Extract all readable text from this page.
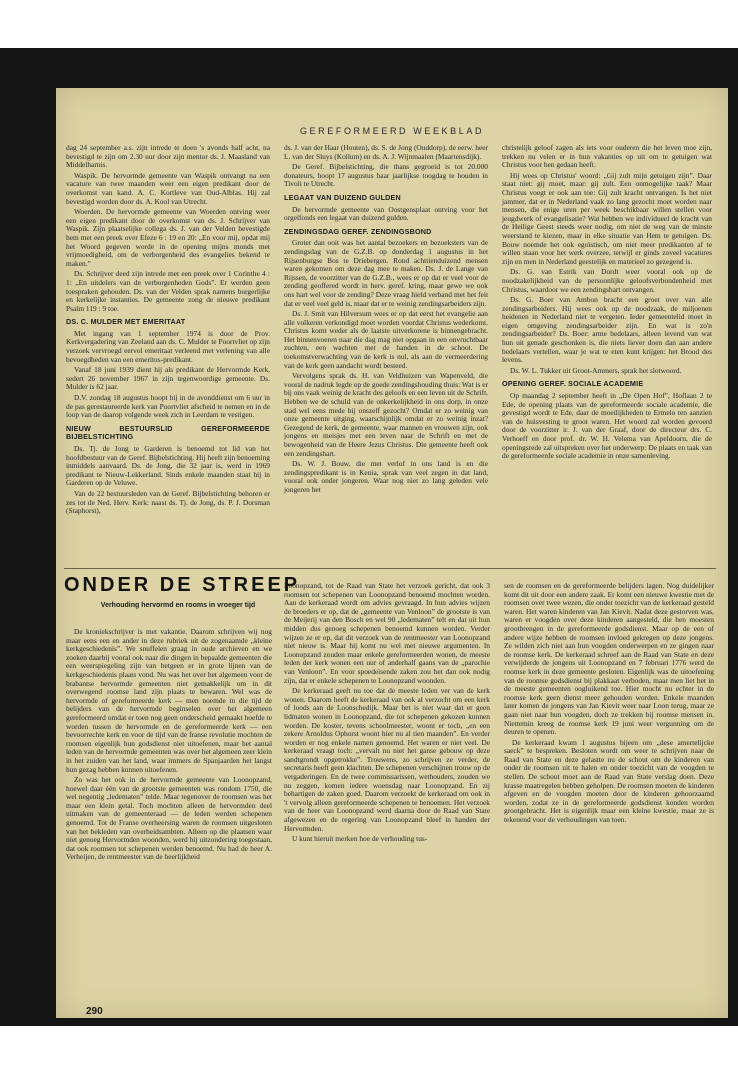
GEREFORMEERD WEEKBLAD

dag 24 september a.s. zijn intrede te doen 's avonds half acht, na bevestigd te zijn om 2.30 uur door zijn mentor ds. J. Maasland van Middelharnis.

Waspik. De hervormde gemeente van Waspik ontvangt na een vacature van twee maanden weer een eigen predikant door de overkomst van kand. A. C. Kortleve van Oud-Alblas. Hij zal bevestigd worden door ds. A. Kool van Utrecht.

Woerden. De hervormde gemeente van Woerden ontving weer een eigen predikant door de overkomst van ds. J. Schrijver van Waspik. Zijn plaatselijke collega ds. J. van der Velden bevestigde hem met een preek over Efeze 6 : 19 en 20: „En voor mij, opdat mij het Woord gegeven worde in de opening mijns monds met vrijmoedigheid, om de verborgenheid des evangelies bekend te maken.”

Ds. Schrijver deed zijn intrede met een preek over 1 Corinthe 4 : 1: „En uitdelers van de verborgenheden Gods”. Er werden geen toespraken gehouden. Ds. van der Velden sprak namens burgerlijke en kerkelijke instanties. De gemeente zong de nieuwe predikant Psalm 119 : 9 toe.

DS. C. MULDER MET EMERITAAT

Met ingang van 1 september 1974 is door de Prov. Kerkvergadering van Zeeland aan ds. C. Mulder te Poortvliet op zijn verzoek vervroegd eervol emeritaat verleend met verlening van alle bevoegdheden van een emeritus-predikant.

Vanaf 18 juni 1939 dient hij als predikant de Hervormde Kerk, sedert 26 november 1967 in zijn tegenwoordige gemeente. Ds. Mulder is 62 jaar.

D.V. zondag 18 augustus hoopt hij in de avonddienst om 6 uur in de pas gerestaureerde kerk van Poortvliet afscheid te nemen en in de loop van de daarop volgende week zich in Leerdam te vestigen.

NIEUW BESTUURSLID GEREFORMEERDE BIJBELSTICHTING

Ds. Tj. de Jong te Garderen is benoemd tot lid van het hoofdbestuur van de Geref. Bijbelstichting. Hij heeft zijn benoeming inmiddels aanvaard. Ds. de Jong, die 32 jaar is, werd in 1969 predikant te Nieuw-Lekkerland. Sinds enkele maanden staat hij in Garderen op de Veluwe.

Van de 22 bestuursleden van de Geref. Bijbelstichting behoren er zes tot de Ned. Herv. Kerk: naast ds. Tj. de Jong, ds. P. J. Dorsman (Staphorst),

ds. J. van der Haar (Houten), ds. S. de Jong (Ouddorp), de eerw. heer L. van der Sluys (Kollum) en ds. A. J. Wijnmaalen (Maartensdijk).

De Geref. Bijbelstichting, die thans gegroeid is tot 20.000 donateurs, hoopt 17 augustus haar jaarlijkse toogdag te houden in Tivoli te Utrecht.

LEGAAT VAN DUIZEND GULDEN

De hervormde gemeente van Oostgensplaat ontving voor het orgelfonds een legaat van duizend gulden.

ZENDINGSDAG GEREF. ZENDINGSBOND

Groter dan ooit was het aantal bezoekers en bezoeksters van de zendingsdag van de G.Z.B. op donderdag 1 augustus in het Rijsenburgse Bos te Driebergen. Rond achttienduizend mensen waren gekomen om deze dag mee te maken. Ds. J. de Lange van Rijssen, de voorzitter van de G.Z.B., wees er op dat er veel voor de zending geoffered wordt in herv. geref. kring, maar gewe we ook ons hart wel voor de zending? Deze vraag hield verband met het feit dat er veel veel geld is, maar dat er te weinig zendingsarbeiders zijn.

Ds. J. Smit van Hilversum wees er op dat eerst het evangelie aan alle volkeren verkondigd moet worden voordat Christus wederkomt. Christus komt weder als de laatste uitverkorene is binnengebracht. Het binnenvoeren naar die dag mag niet opgaan in een onvruchtbaar zuchten, een wachten met de handen in de schoot. De toekomstverwachting van de kerk is nul, als aan de vermeerdering van de kerk geen aandacht wordt besteed.

Vervolgens sprak ds. H. van Veldhuizen van Wapenveld, die vooral de nadruk legde op de goede zendingshouding thuis: Wat is er bij ons vaak weinig de kracht des geloofs en een leven uit de Schrift. Hebben we de schuld van de onkerkelijkheid in ons dorp, in onze stad wel eens mede bij onszelf gezocht? Omdat er zo weinig van onze gemeente uitging, waarschijnlijk omdat er zo weinig inzat? Gezegend de kerk, de gemeente, waar mannen en vrouwen zijn, ook jongens en meisjes met een leven naar de Schrift en met de bewogenheid van de Heere Jezus Christus. Die gemeente heeft ook een zendingshart.

Ds. W. J. Bouw, die met verlof in ons land is en die zendingspredikant is in Kenia, sprak van veel zegen in dat land, vooral ook onder jongeren. Waar nog niet zo lang geleden vele jongeren het

christelijk geloof zagen als iets voor ouderen die het leven moe zijn, trekken nu velen er in hun vakanties op uit om te getuigen wat Christus voor hen gedaan heeft.

Hij wees op Christus' woord: „Gij zult mijn getuigen zijn”. Daar staat niet: gij moet, maar: gij zult. Een onmogelijke taak? Maar Christus voegt er ook aan toe: Gij zult kracht ontvangen. Is het niet jammer, dat er in Nederland vaak zo lang gezocht moet worden naar mensen, die enige uren per week beschikbaar willen stellen voor jeugdwerk of evangelisatie? Wat hebben we individueel de kracht van de Heilige Geest steeds weer nodig, om niet de weg van de minste weerstand te kiezen, maar in elke situatie van Hem te getuigen. Ds. Bouw noemde het ook egoïstisch, om niet meer predikanten af te willen staan voor het werk overzee, terwijl er ginds zoveel vacatures zijn en men in Nederland geestelijk en materieel zo gezegend is.

Ds. G. van Estrik van Dordt weer vooral ook op de noodzakelijkheid van de persoonlijke geloofsverbondenheid met Christus, waardoor we een zendingshart ontvangen.

Ds. G. Boer van Ambon bracht een groet over van alle zendingsarbeiders. Hij wees ook op de noodzaak, de miljoenen heidenen in Nederland niet te vergeten. Ieder gemeentelid moet in eigen omgeving zendingsarbeider zijn. En wat is zo'n zendingsarbeider? Ds. Boer: arme bedelaars, alleen levend van wat hun uit genade geschonken is, die niets liever doen dan aan andere bedelaars vertellen, waar je wat te eten kunt krijgen: het Brood des levens.

Ds. W. L. Tukker uit Groot-Ammers, sprak het slotwoord.

OPENING GEREF. SOCIALE ACADEMIE

Op maandag 2 september heeft in „De Open Hof”, Hoflaan 2 te Ede, de opening plaats van de gereformeerde sociale academie, die gevestigd wordt te Ede, daar de moeilijkheden te Ermelo ten aanzien van de huisvesting te groot waren. Het woord zal worden gevoerd door de voorzitter ir. J. van der Graaf, door de directeur drs. C. Verhoeff en door prof. dr. W. H. Velema van Apeldoorn, die de openingsrede zal uitspreken over het onderwerp: De plaats en taak van de gereformeerde sociale academie in onze samenleving.

ONDER DE STREEP
Verhouding hervormd en rooms in vroeger tijd

De kroniekschrijver is met vakantie. Daarom schrijven wij nog maar eens een en ander in deze rubriek uit de zogenaamde „kleine kerkgeschiedenis”. We snuffelen graag in oude archieven en we zoeken daarbij vooral ook naar die dingen in bepaalde gemeenten die een weerspiegeling zijn van hetgeen er in grote lijnen van de kerkgeschiedenis plaats vond. Nu was het over het algemeen voor de brabantse hervormde gemeenten niet gemakkelijk om in dit overwegend roomse land zijn plaats te bewaren. Wel was de hervormde of gereformeerde kerk — men noemde in die tijd de belijders van de hervormde beginselen over het algemeen gereformeerd omdat er toen nog geen onderscheid gemaakt hoefde te worden tussen de hervormde en de gereformeerde kerk — een bevoorrechte kerk en voor de tijd van de franse revolutie mochten de roomsen eigenlijk hun godsdienst niet uitoefenen, maar het aantal leden van de hervormde gemeenten was over het algemeen zeer klein in het zuiden van het land, waar immers de Spanjaarden het langst hun gezag hebben kunnen uitoefenen.

Zo was het ook in de hervormde gemeente van Loonopzand, hoewel daar één van de grootste gemeenten was rondom 1750, die wel negentig „ledematen” telde. Maar tegenover de roomsen was het maar een klein getal. Toch mochten alleen de hervormden deel uitmaken van de gemeenteraad — de leden werden schepenen genoemd. Tot de Franse overheersing waren de roomsen uitgesloten van het bekleden van overheidsambten. Alleen op die plaatsen waar niet genoeg Hervormden woonden, werd bij uitzondering toegestaan, dat ook roomsen tot schepenen werden benoemd. Nu had de heer A. Verheijen, de rentmeester van de heerlijkheid

Loonopzand, tot de Raad van State het verzoek gericht, dat ook 3 roomsen tot schepenen van Loonopzand benoemd mochten worden. Aan de kerkeraad wordt om advies gevraagd. In hun advies wijzen de broeders er op, dat de „gemeente van Venloon” de grootste is van de Meijerij van den Bosch en wel 90 „ledematen” telt en dat uit hun midden dus genoeg schepenen benoemd kunnen worden. Verder wijzen ze er op, dat dit verzoek van de rentmeester van Loonopzand niet nieuw is. Maar hij komt nu wel met nieuwe argumenten. In Loonopzand zouden maar enkele gereformeerden wonen, de meeste leden der kerk wonen een uur of anderhalf gaans van de „parochie van Venloon”. En voor spoedeisende zaken zou het dan ook nodig zijn, dat er enkele schepenen te Loonopzand woonden.

De kerkeraad geeft nu toe dat de meeste leden ver van de kerk wonen. Daarom heeft de kerkeraad van ook al verzocht om een kerk of loods aan de Loonschedijk. Maar het is niet waar dat er geen lidmaten wonen in Loonopzand, die tot schepenen gekozen kunnen worden. De koster, tevens schoolmeester, woont er toch, „en een zekere Arnoldus Ophorst woont hier nu al tien maanden”. En verder worden er nog enkele namen genoemd. Het waren er niet veel. De kerkeraad vraagt toch: „vervalt nu niet het ganse gebouw op deze sandtgrondt opgetrokke”. Trouwens, zo schrijven ze verder, de secretaris heeft geen klachten. De schepenen verschijnen trouw op de vergaderingen. En de twee commissarissen, wethouders, zouden we nu zeggen, komen iedere woensdag naar Loonopzand. En zij behartigen de zaken goed. Daarom verzoekt de kerkeraad om ook in 't vervolg alleen gereformeerde schepenen te benoemen. Het verzoek van de heer van Loonopzand werd daarna door de Raad van State afgewezen en de regering van Loonopzand bleef in handen der Hervormden.

U kunt hieruit merken hoe de verhouding tus-

sen de roomsen en de gereformeerde belijders lagen. Nog duidelijker komt dit uit door een andere zaak. Er komt een nieuwe kwestie met de roomsen over twee wezen, die onder toezicht van de kerkeraad gesteld waren. Het waren kinderen van Jan Kievit. Nadat deze gestorven was, waren er voogden over deze kinderen aangesteld, die hen moesten grootbrengen in de gereformeerde godsdienst. Maar op de een of andere wijze hebben de roomsen invloed gekregen op deze jongens. Ze wilden zich niet aan hun voogden onderwerpen en ze gingen naar de roomse kerk. De kerkeraad schreef aan de Raad van State en deze verwijderde de jongens uit Loonopzand en 7 februari 1776 werd de roomse kerk in deze gemeente gesloten. Eigenlijk was de uitoefening van de roomse godsdienst bij plakkaat verboden, maar men liet het in de meeste gemeenten oogluikend toe. Hier mocht nu echter in de roomse kerk geen dienst meer gehouden worden. Enkele maanden later komen de jongens van Jan Kievit weer naar Loon terug, maar ze gaan niet naar hun voogden, doch ze trekken bij roomse mensen in. Niettemin kreeg de roomse kerk 19 juni weer vergunning om de deuren te openen.

De kerkeraad kwam 1 augustus bijeen om „dese amertelijcke saeck” te bespreken. Besloten wordt om weer te schrijven naar de Raad van State en deze gelastte nu de schout om de kinderen van onder de roomsen uit te halen en onder toezicht van de voogden te stellen. De schout moet aan de Raad van State verslag doen. Deze krasse maatregelen hebben geholpen. De roomsen moeten de kinderen afgeven en de voogden moeten door de kinderen gehoorzaamd worden, zodat ze in de gereformeerde godsdienst konden worden grootgebracht. Het is eigenlijk maar een kleine kwestie, maar ze is tekenend voor de verhoudingen van toen.

290
